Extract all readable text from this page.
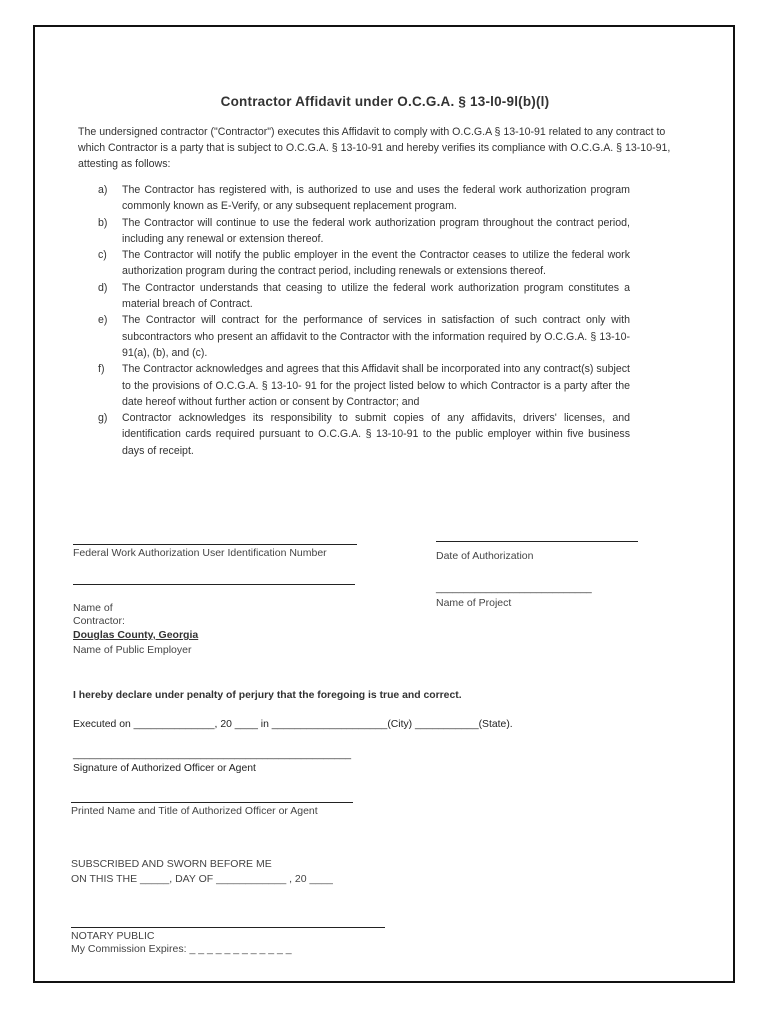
Contractor Affidavit under O.C.G.A. § 13-l0-9l(b)(l)
The undersigned contractor ("Contractor") executes this Affidavit to comply with O.C.G.A § 13-10-91 related to any contract to which Contractor is a party that is subject to O.C.G.A. § 13-10-91 and hereby verifies its compliance with O.C.G.A. § 13-10-91, attesting as follows:
a) The Contractor has registered with, is authorized to use and uses the federal work authorization program commonly known as E-Verify, or any subsequent replacement program.
b) The Contractor will continue to use the federal work authorization program throughout the contract period, including any renewal or extension thereof.
c) The Contractor will notify the public employer in the event the Contractor ceases to utilize the federal work authorization program during the contract period, including renewals or extensions thereof.
d) The Contractor understands that ceasing to utilize the federal work authorization program constitutes a material breach of Contract.
e) The Contractor will contract for the performance of services in satisfaction of such contract only with subcontractors who present an affidavit to the Contractor with the information required by O.C.G.A. § 13-10-91(a), (b), and (c).
f) The Contractor acknowledges and agrees that this Affidavit shall be incorporated into any contract(s) subject to the provisions of O.C.G.A. § 13-10- 91 for the project listed below to which Contractor is a party after the date hereof without further action or consent by Contractor; and
g) Contractor acknowledges its responsibility to submit copies of any affidavits, drivers' licenses, and identification cards required pursuant to O.C.G.A. § 13-10-91 to the public employer within five business days of receipt.
Federal Work Authorization User Identification Number	Date of Authorization
____________________________
Name of Project
Name of
Contractor:
Douglas County, Georgia
Name of Public Employer
I hereby declare under penalty of perjury that the foregoing is true and correct.
Executed on ______________, 20 ____ in ____________________(City) ___________(State).
__________________________________________________
Signature of Authorized Officer or Agent
Printed Name and Title of Authorized Officer or Agent
SUBSCRIBED AND SWORN BEFORE ME
ON THIS THE _____, DAY OF ____________ , 20 ____
NOTARY PUBLIC
My Commission Expires: _ _ _ _ _ _ _ _ _ _ _ _
